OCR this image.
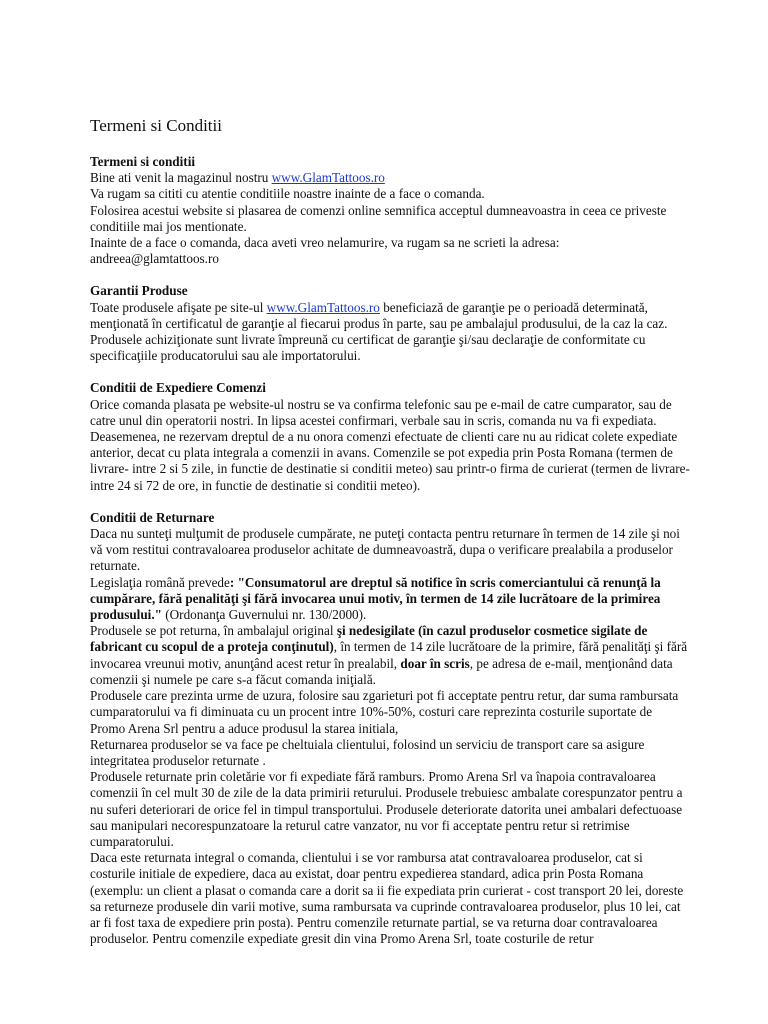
Termeni si Conditii

Termeni si conditii

Bine ati venit la magazinul nostru www.GlamTattoos.ro

Va rugam sa cititi cu atentie conditiile noastre inainte de a face o comanda.

Folosirea acestui website si plasarea de comenzi online semnifica acceptul dumneavoastra in ceea ce priveste conditiile mai jos mentionate.

Inainte de a face o comanda, daca aveti vreo nelamurire, va rugam sa ne scrieti la adresa: andreea@glamtattoos.ro

Garantii Produse

Toate produsele afişate pe site-ul www.GlamTattoos.ro beneficiază de garanţie pe o perioadă determinată, menţionată în certificatul de garanţie al fiecarui produs în parte, sau pe ambalajul produsului, de la caz la caz. Produsele achiziţionate sunt livrate împreună cu certificat de garanţie şi/sau declaraţie de conformitate cu specificaţiile producatorului sau ale importatorului.

Conditii de Expediere Comenzi

Orice comanda plasata pe website-ul nostru se va confirma telefonic sau pe e-mail de catre cumparator, sau de catre unul din operatorii nostri. In lipsa acestei confirmari, verbale sau in scris, comanda nu va fi expediata. Deasemenea, ne rezervam dreptul de a nu onora comenzi efectuate de clienti care nu au ridicat colete expediate anterior, decat cu plata integrala a comenzii in avans. Comenzile se pot expedia prin Posta Romana (termen de livrare- intre 2 si 5 zile, in functie de destinatie si conditii meteo) sau printr-o firma de curierat (termen de livrare- intre 24 si 72 de ore, in functie de destinatie si conditii meteo).

Conditii de Returnare

Daca nu sunteţi mulţumit de produsele cumpărate, ne puteţi contacta pentru returnare în termen de 14 zile şi noi vă vom restitui contravaloarea produselor achitate de dumneavoastră, dupa o verificare prealabila a produselor returnate.

Legislaţia română prevede: "Consumatorul are dreptul să notifice în scris comerciantului că renunţă la cumpărare, fără penalităţi şi fără invocarea unui motiv, în termen de 14 zile lucrătoare de la primirea produsului." (Ordonanţa Guvernului nr. 130/2000).

Produsele se pot returna, în ambalajul original şi nedesigilate (în cazul produselor cosmetice sigilate de fabricant cu scopul de a proteja conţinutul), în termen de 14 zile lucrătoare de la primire, fără penalităţi şi fără invocarea vreunui motiv, anunţând acest retur în prealabil, doar în scris, pe adresa de e-mail, menţionând data comenzii şi numele pe care s-a făcut comanda iniţială.

Produsele care prezinta urme de uzura, folosire sau zgarieturi pot fi acceptate pentru retur, dar suma rambursata cumparatorului va fi diminuata cu un procent intre 10%-50%, costuri care reprezinta costurile suportate de Promo Arena Srl pentru a aduce produsul la starea initiala,

Returnarea produselor se va face pe cheltuiala clientului, folosind un serviciu de transport care sa asigure integritatea produselor returnate .

Produsele returnate prin coletărie vor fi expediate fără ramburs. Promo Arena Srl va înapoia contravaloarea comenzii în cel mult 30 de zile de la data primirii returului. Produsele trebuiesc ambalate corespunzator pentru a nu suferi deteriorari de orice fel in timpul transportului. Produsele deteriorate datorita unei ambalari defectuoase sau manipulari necorespunzatoare la returul catre vanzator, nu vor fi acceptate pentru retur si retrimise cumparatorului.

Daca este returnata integral o comanda, clientului i se vor rambursa atat contravaloarea produselor, cat si costurile initiale de expediere, daca au existat, doar pentru expedierea standard, adica prin Posta Romana (exemplu: un client a plasat o comanda care a dorit sa ii fie expediata prin curierat - cost transport 20 lei, doreste sa returneze produsele din varii motive, suma rambursata va cuprinde contravaloarea produselor, plus 10 lei, cat ar fi fost taxa de expediere prin posta). Pentru comenzile returnate partial, se va returna doar contravaloarea produselor. Pentru comenzile expediate gresit din vina Promo Arena Srl, toate costurile de retur
